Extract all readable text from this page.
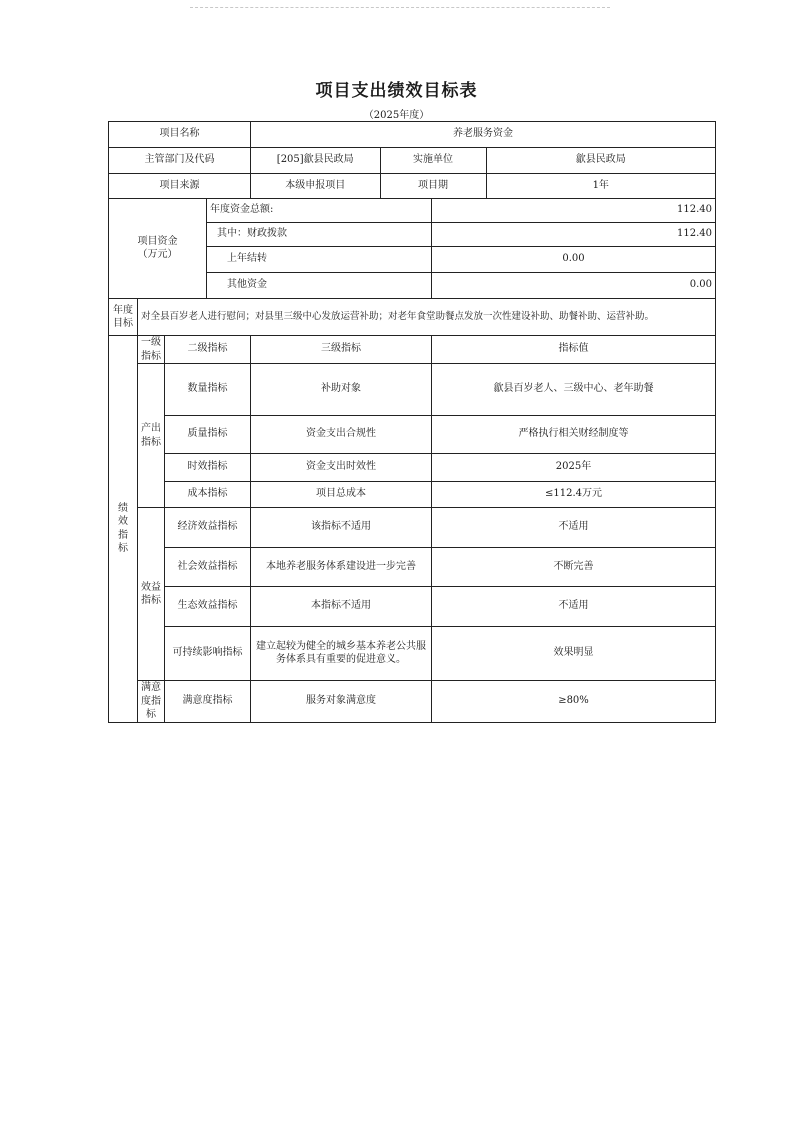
项目支出绩效目标表
（2025年度）
项目名称	养老服务资金
主管部门及代码		[205]歙县民政局	实施单位	歙县民政局

项目来源		本级申报项目	项目期	1年

项目资金
（万元）
	年度资金总额:	112.40
其中：财政拨款	112.40
上年结转	0.00
其他资金	0.00

年度
目标
	对全县百岁老人进行慰问；对县里三级中心发放运营补助；对老年食堂助餐点发放一次性建设补助、助餐补助、运营补助。

绩
效
指
标

一级
指标
	二级指标	三级指标	指标值

产出
指标
	数量指标	补助对象	歙县百岁老人、三级中心、老年助餐
质量指标	资金支出合规性	严格执行相关财经制度等
时效指标	资金支出时效性	2025年
成本指标	项目总成本	≤112.4万元

效益
指标
	经济效益指标	该指标不适用	不适用
社会效益指标	本地养老服务体系建设进一步完善	不断完善
生态效益指标	本指标不适用	不适用
可持续影响指标	建立起较为健全的城乡基本养老公共服务体系具有重要的促进意义。	效果明显

满意
度指
标
	满意度指标	服务对象满意度	≥80%
